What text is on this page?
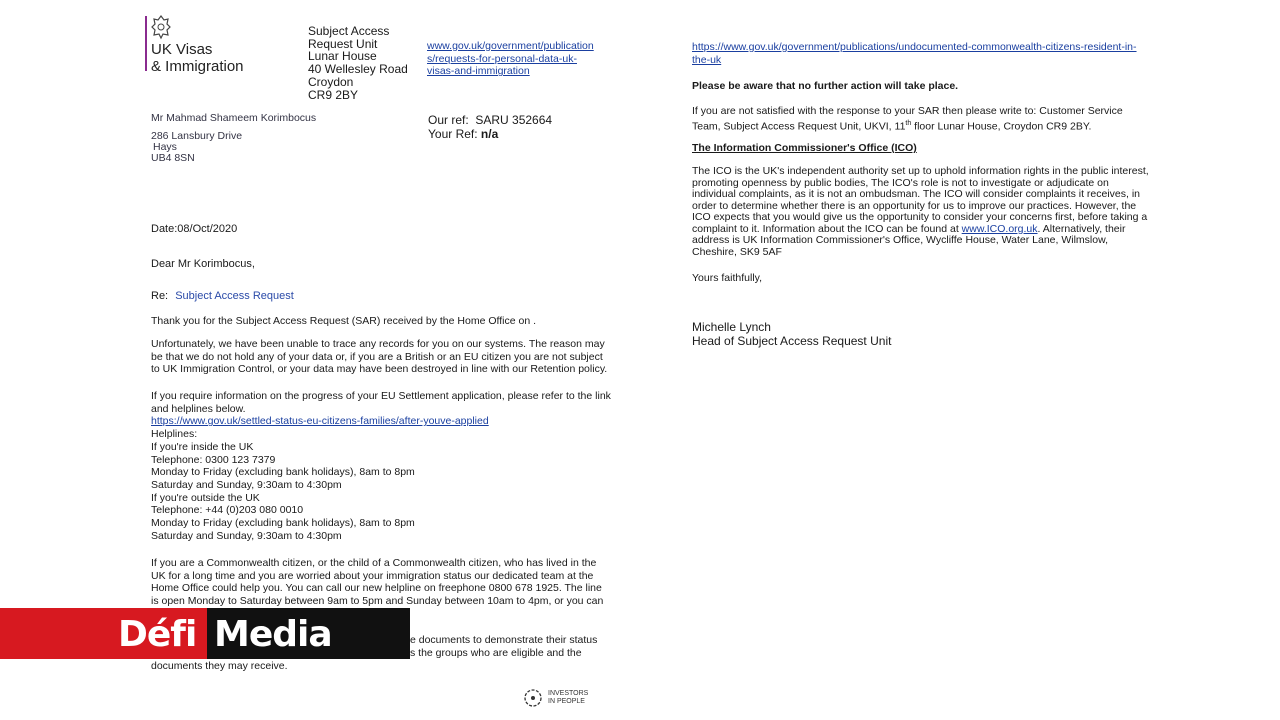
UK Visas
& Immigration
Subject Access
Request Unit
Lunar House
40 Wellesley Road
Croydon
CR9 2BY
www.gov.uk/government/publication
s/requests-for-personal-data-uk-
visas-and-immigration
Mr Mahmad Shameem Korimbocus
286 Lansbury Drive
Hays
UB4 8SN
Our ref:  SARU 352664
Your Ref: n/a
Date:08/Oct/2020
Dear Mr Korimbocus,
Re: Subject Access Request
Thank you for the Subject Access Request (SAR) received by the Home Office on .
Unfortunately, we have been unable to trace any records for you on our systems. The reason may
be that we do not hold any of your data or, if you are a British or an EU citizen you are not subject
to UK Immigration Control, or your data may have been destroyed in line with our Retention policy.
If you require information on the progress of your EU Settlement application, please refer to the link
and helplines below.
https://www.gov.uk/settled-status-eu-citizens-families/after-youve-applied
Helplines:
If you're inside the UK
Telephone: 0300 123 7379
Monday to Friday (excluding bank holidays), 8am to 8pm
Saturday and Sunday, 9:30am to 4:30pm
If you're outside the UK
Telephone: +44 (0)203 080 0010
Monday to Friday (excluding bank holidays), 8am to 8pm
Saturday and Sunday, 9:30am to 4:30pm
If you are a Commonwealth citizen, or the child of a Commonwealth citizen, who has lived in the
UK for a long time and you are worried about your immigration status our dedicated team at the
Home Office could help you. You can call our new helpline on freephone 0800 678 1925. The line
is open Monday to Saturday between 9am to 5pm and Sunday between 10am to 4pm, or you can
e documents to demonstrate their status
s the groups who are eligible and the
documents they may receive.
https://www.gov.uk/government/publications/undocumented-commonwealth-citizens-resident-in-
the-uk
Please be aware that no further action will take place.
If you are not satisfied with the response to your SAR then please write to: Customer Service
Team, Subject Access Request Unit, UKVI, 11th floor Lunar House, Croydon CR9 2BY.
The Information Commissioner's Office (ICO)
The ICO is the UK's independent authority set up to uphold information rights in the public interest,
promoting openness by public bodies, The ICO's role is not to investigate or adjudicate on
individual complaints, as it is not an ombudsman. The ICO will consider complaints it receives, in
order to determine whether there is an opportunity for us to improve our practices. However, the
ICO expects that you would give us the opportunity to consider your concerns first, before taking a
complaint to it. Information about the ICO can be found at www.ICO.org.uk. Alternatively, their
address is UK Information Commissioner's Office, Wycliffe House, Water Lane, Wilmslow,
Cheshire, SK9 5AF
Yours faithfully,
Michelle Lynch
Head of Subject Access Request Unit
Défi Media
INVESTORS
IN PEOPLE
